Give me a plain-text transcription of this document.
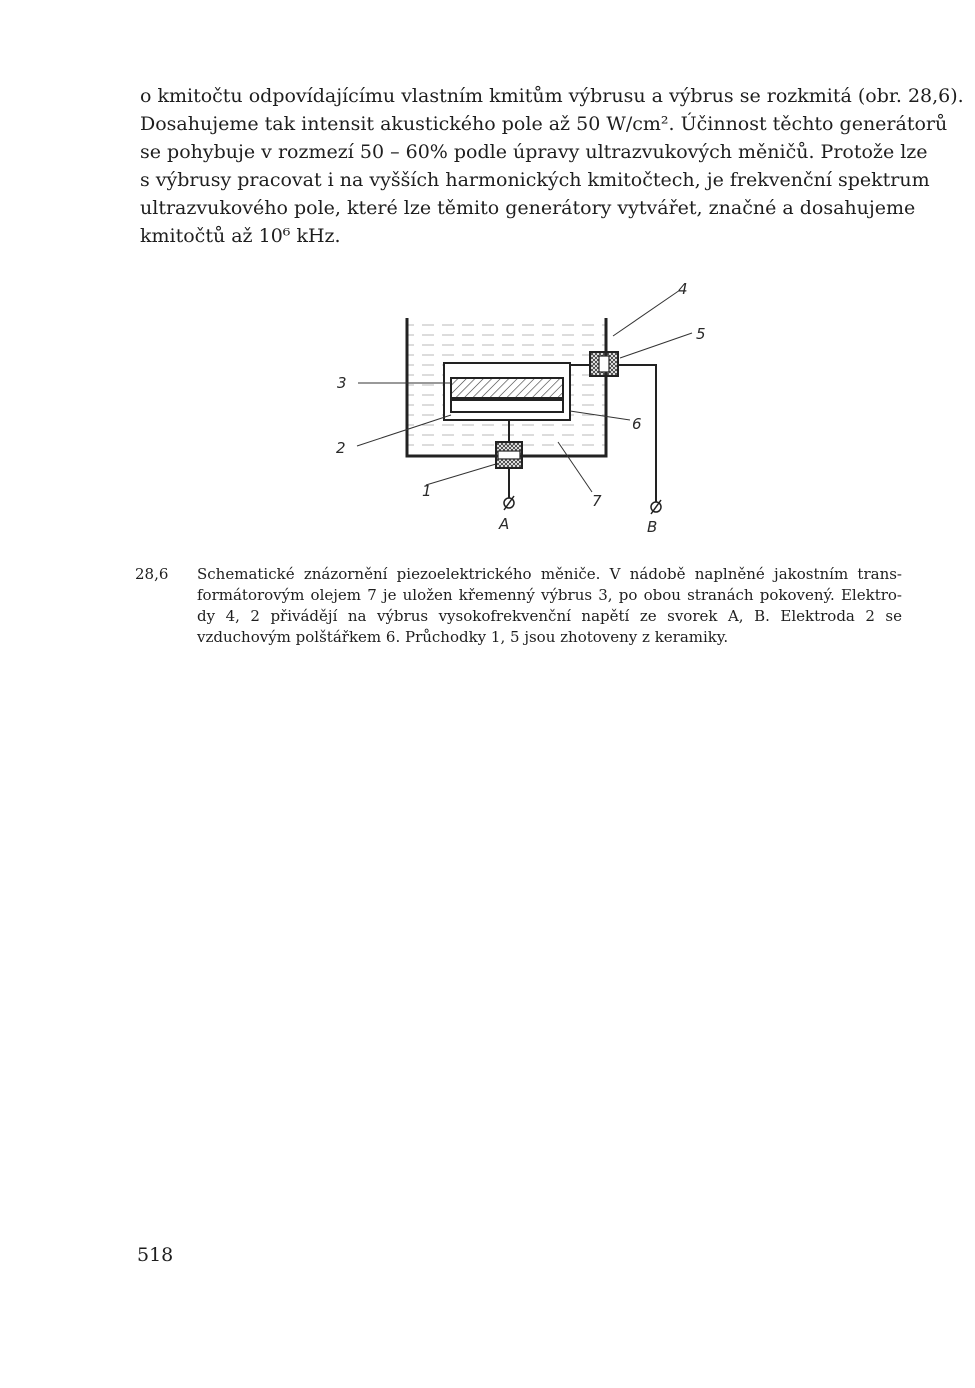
o kmitočtu odpovídajícímu vlastním kmitům výbrusu a výbrus se rozkmitá (obr. 28,6).
Dosahujeme tak intensit akustického pole až 50 W/cm². Účinnost těchto generátorů
se pohybuje v rozmezí 50 – 60% podle úpravy ultrazvukových měničů. Protože lze
s výbrusy pracovat i na vyšších harmonických kmitočtech, je frekvenční spektrum
ultrazvukového pole, které lze těmito generátory vytvářet, značné a dosahujeme
kmitočtů až 10⁶ kHz.
4
5
3
2
6
1
7
A	B
28,6 Schematické znázornění piezoelektrického měniče. V nádobě naplněné jakostním trans-
formátorovým olejem 7 je uložen křemenný výbrus 3, po obou stranách pokovený. Elektro-
dy 4, 2 přivádějí na výbrus vysokofrekvenční napětí ze svorek A, B. Elektroda 2 se
vzduchovým polštářkem 6. Průchodky 1, 5 jsou zhotoveny z keramiky.
518
